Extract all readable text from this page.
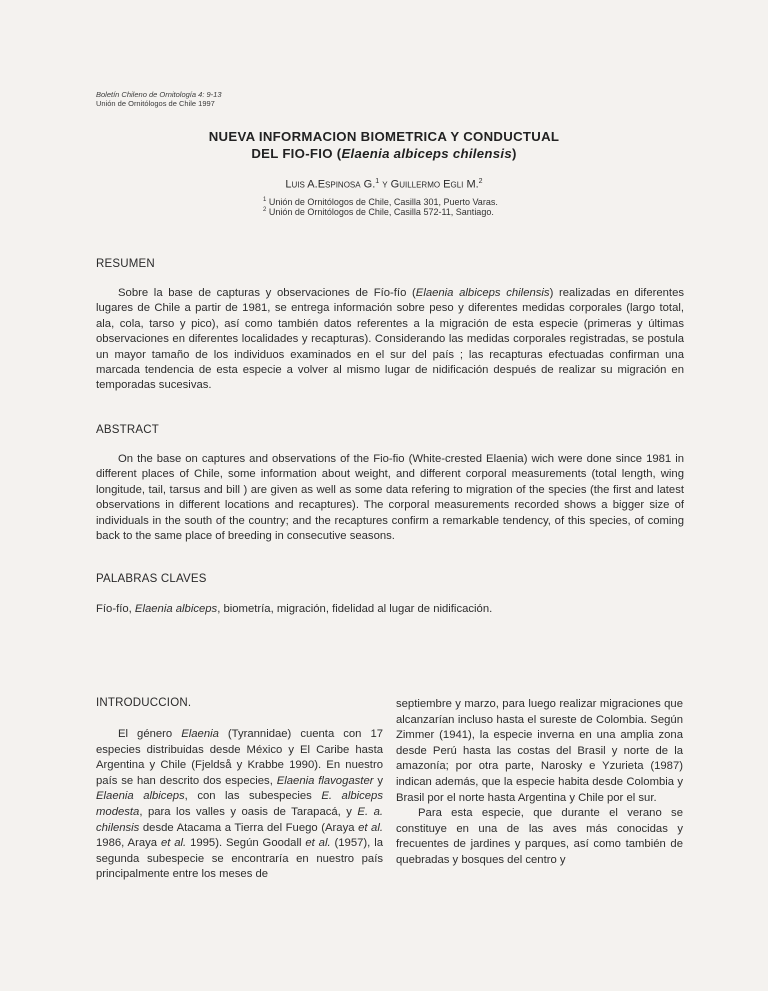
Boletín Chileno de Ornitología 4: 9-13
Unión de Ornitólogos de Chile 1997
NUEVA INFORMACION BIOMETRICA Y CONDUCTUAL
DEL FIO-FIO (Elaenia albiceps chilensis)
Luis A.Espinosa G.$^1$ y Guillermo Egli M.$^2$
$^1$ Unión de Ornitólogos de Chile, Casilla 301, Puerto Varas.
$^2$ Unión de Ornitólogos de Chile, Casilla 572-11, Santiago.
RESUMEN
Sobre la base de capturas y observaciones de Fío-fío (Elaenia albiceps chilensis) realizadas en diferentes lugares de Chile a partir de 1981, se entrega información sobre peso y diferentes medidas corporales (largo total, ala, cola, tarso y pico), así como también datos referentes a la migración de esta especie (primeras y últimas observaciones en diferentes localidades y recapturas). Considerando las medidas corporales registradas, se postula un mayor tamaño de los individuos examinados en el sur del país ; las recapturas efectuadas confirman una marcada tendencia de esta especie a volver al mismo lugar de nidificación después de realizar su migración en temporadas sucesivas.
ABSTRACT
On the base on captures and observations of the Fio-fio (White-crested Elaenia) wich were done since 1981 in different places of Chile, some information about weight, and different corporal measurements (total length, wing longitude, tail, tarsus and bill ) are given as well as some data refering to migration of the species (the first and latest observations in different locations and recaptures). The corporal measurements recorded shows a bigger size of individuals in the south of the country; and the recaptures confirm a remarkable tendency, of this species, of coming back to the same place of breeding in consecutive seasons.
PALABRAS CLAVES
Fío-fío, Elaenia albiceps, biometría, migración, fidelidad al lugar de nidificación.
INTRODUCCION.

El género Elaenia (Tyrannidae) cuenta con 17 especies distribuidas desde México y El Caribe hasta Argentina y Chile (Fjeldså y Krabbe 1990). En nuestro país se han descrito dos especies, Elaenia flavogaster y Elaenia albiceps, con las subespecies E. albiceps modesta, para los valles y oasis de Tarapacá, y E. a. chilensis desde Atacama a Tierra del Fuego (Araya et al. 1986, Araya et al. 1995). Según Goodall et al. (1957), la segunda subespecie se encontraría en nuestro país principalmente entre los meses de

septiembre y marzo, para luego realizar migraciones que alcanzarían incluso hasta el sureste de Colombia. Según Zimmer (1941), la especie inverna en una amplia zona desde Perú hasta las costas del Brasil y norte de la amazonía; por otra parte, Narosky e Yzurieta (1987) indican además, que la especie habita desde Colombia y Brasil por el norte hasta Argentina y Chile por el sur.

Para esta especie, que durante el verano se constituye en una de las aves más conocidas y frecuentes de jardines y parques, así como también de quebradas y bosques del centro y
